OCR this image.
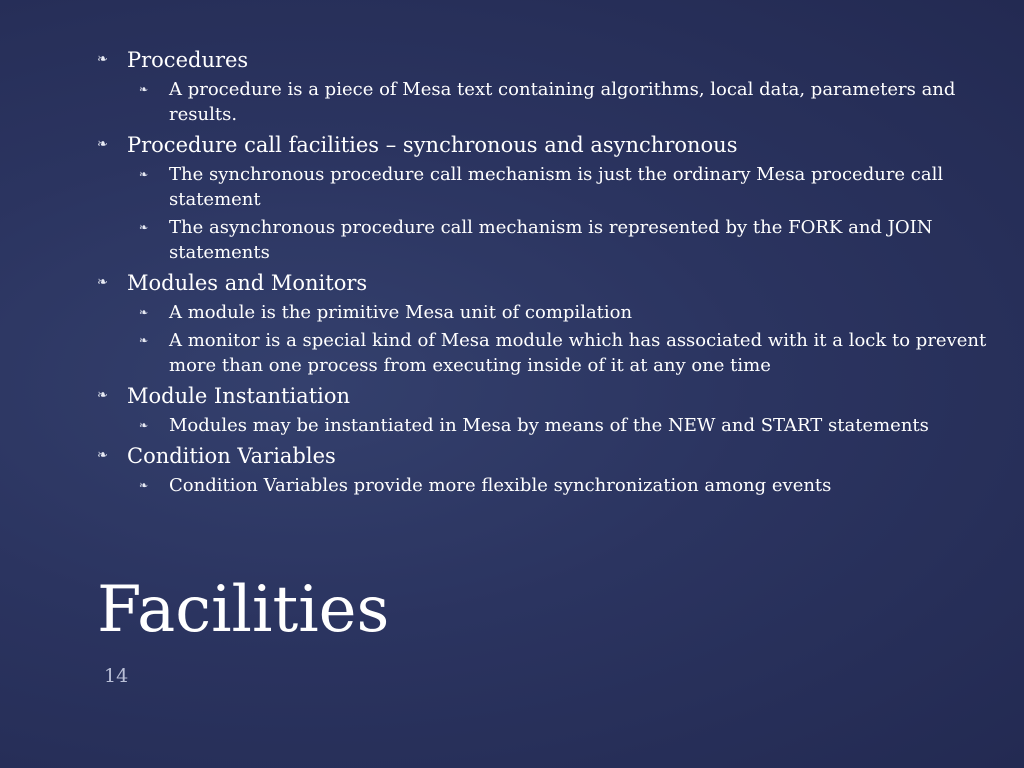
❧ Procedures
❧	A procedure is a piece of Mesa text containing algorithms, local data, parameters and results.
❧ Procedure call facilities – synchronous and asynchronous
❧	The synchronous procedure call mechanism is just the ordinary Mesa procedure call statement
❧	The asynchronous procedure call mechanism is represented by the FORK and JOIN statements
❧ Modules and Monitors
❧	A module is the primitive Mesa unit of compilation
❧	A monitor is a special kind of Mesa module which has associated with it a lock to prevent more than one process from executing inside of it at any one time
❧ Module Instantiation
❧	Modules may be instantiated in Mesa by means of the NEW and START statements
❧ Condition Variables
❧	Condition Variables provide more flexible synchronization among events
Facilities
14
